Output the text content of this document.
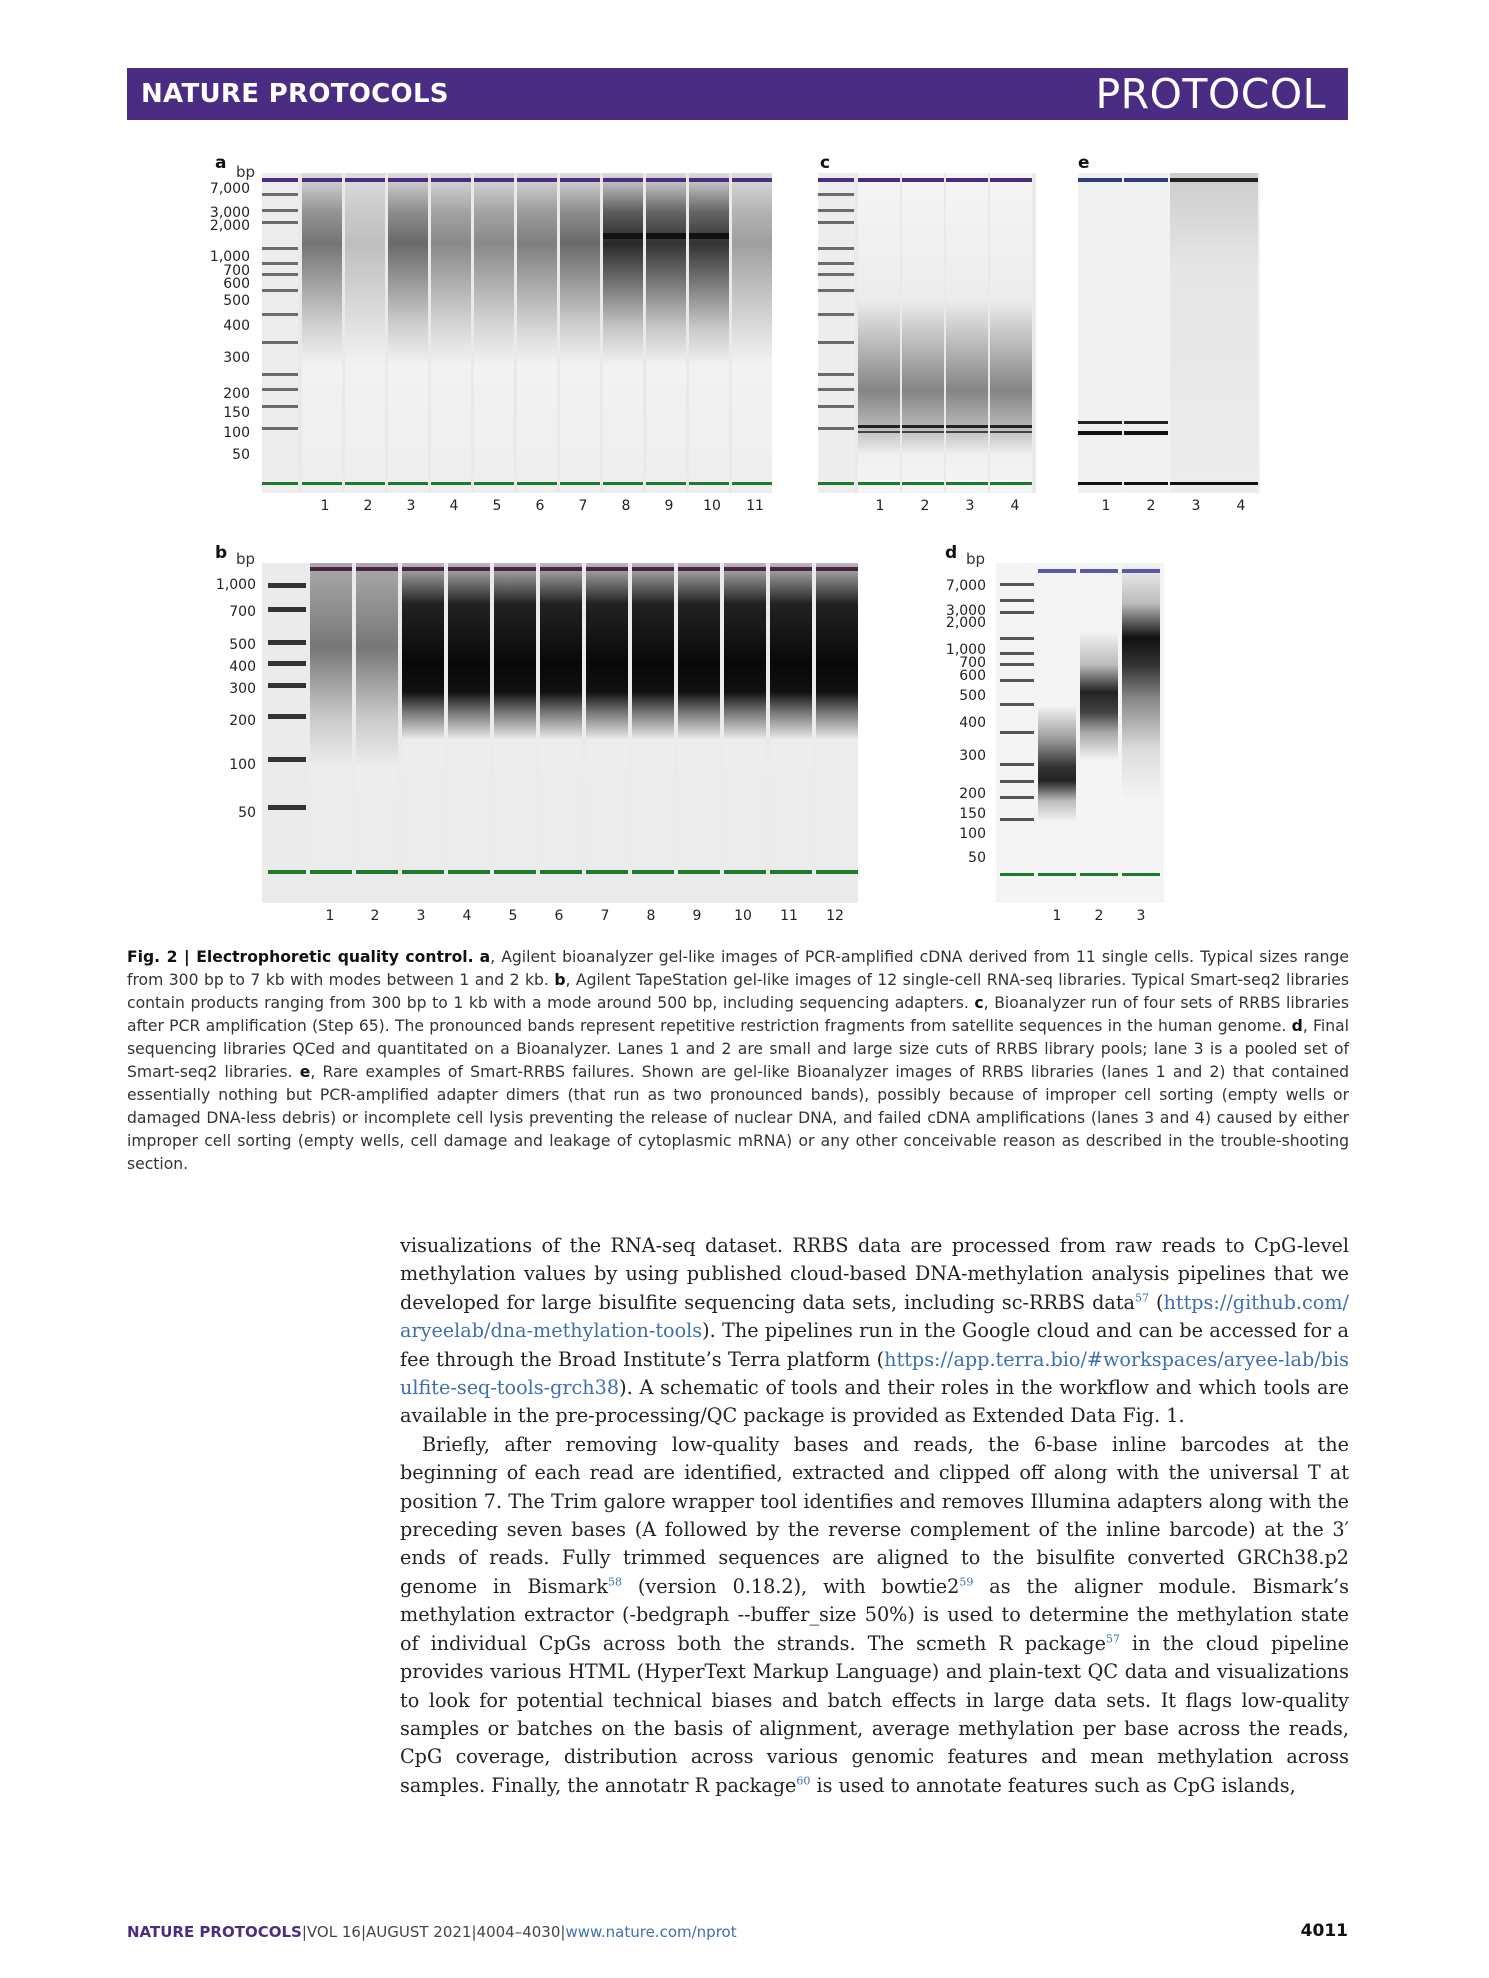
NATURE PROTOCOLS	PROTOCOL
a bp
7,000
3,000
2,000
1,000
700
600
500
400
300
200
150
100
50
1	2	3	4	5	6	7	8	9	10	11
c
1	2	3	4
e
1	2	3	4
b bp
1,000
700
500
400
300
200
100
50
1	2	3	4	5	6	7	8	9	10	11	12
d bp
7,000
3,000
2,000
1,000
700
600
500
400
300
200
150
100
50
1	2	3
Fig. 2 | Electrophoretic quality control. a, Agilent bioanalyzer gel-like images of PCR-amplified cDNA derived from 11 single cells. Typical sizes range from 300 bp to 7 kb with modes between 1 and 2 kb. b, Agilent TapeStation gel-like images of 12 single-cell RNA-seq libraries. Typical Smart-seq2 libraries contain products ranging from 300 bp to 1 kb with a mode around 500 bp, including sequencing adapters. c, Bioanalyzer run of four sets of RRBS libraries after PCR amplification (Step 65). The pronounced bands represent repetitive restriction fragments from satellite sequences in the human genome. d, Final sequencing libraries QCed and quantitated on a Bioanalyzer. Lanes 1 and 2 are small and large size cuts of RRBS library pools; lane 3 is a pooled set of Smart-seq2 libraries. e, Rare examples of Smart-RRBS failures. Shown are gel-like Bioanalyzer images of RRBS libraries (lanes 1 and 2) that contained essentially nothing but PCR-amplified adapter dimers (that run as two pronounced bands), possibly because of improper cell sorting (empty wells or damaged DNA-less debris) or incomplete cell lysis preventing the release of nuclear DNA, and failed cDNA amplifications (lanes 3 and 4) caused by either improper cell sorting (empty wells, cell damage and leakage of cytoplasmic mRNA) or any other conceivable reason as described in the trouble-shooting section.

visualizations of the RNA-seq dataset. RRBS data are processed from raw reads to CpG-level methylation values by using published cloud-based DNA-methylation analysis pipelines that we developed for large bisulfite sequencing data sets, including sc-RRBS data$^{57}$ (https://github.com/aryeelab/dna-methylation-tools). The pipelines run in the Google cloud and can be accessed for a fee through the Broad Institute’s Terra platform (https://app.terra.bio/#workspaces/aryee-lab/bisulfite-seq-tools-grch38). A schematic of tools and their roles in the workflow and which tools are available in the pre-processing/QC package is provided as Extended Data Fig. 1.

Briefly, after removing low-quality bases and reads, the 6-base inline barcodes at the beginning of each read are identified, extracted and clipped off along with the universal T at position 7. The Trim galore wrapper tool identifies and removes Illumina adapters along with the preceding seven bases (A followed by the reverse complement of the inline barcode) at the 3′ ends of reads. Fully trimmed sequences are aligned to the bisulfite converted GRCh38.p2 genome in Bismark$^{58}$ (version 0.18.2), with $bowtie2^{59}$ as the aligner module. Bismark’s methylation extractor (-bedgraph --buffer_size 50%) is used to determine the methylation state of individual CpGs across both the strands. The scmeth R package$^{57}$ in the cloud pipeline provides various HTML (HyperText Markup Language) and plain-text QC data and visualizations to look for potential technical biases and batch effects in large data sets. It flags low-quality samples or batches on the basis of alignment, average methylation per base across the reads, CpG coverage, distribution across various genomic features and mean methylation across samples. Finally, the annotatr R package$^{60}$ is used to annotate features such as CpG islands,

NATURE PROTOCOLS|VOL 16|AUGUST 2021|4004–4030|www.nature.com/nprot	4011
